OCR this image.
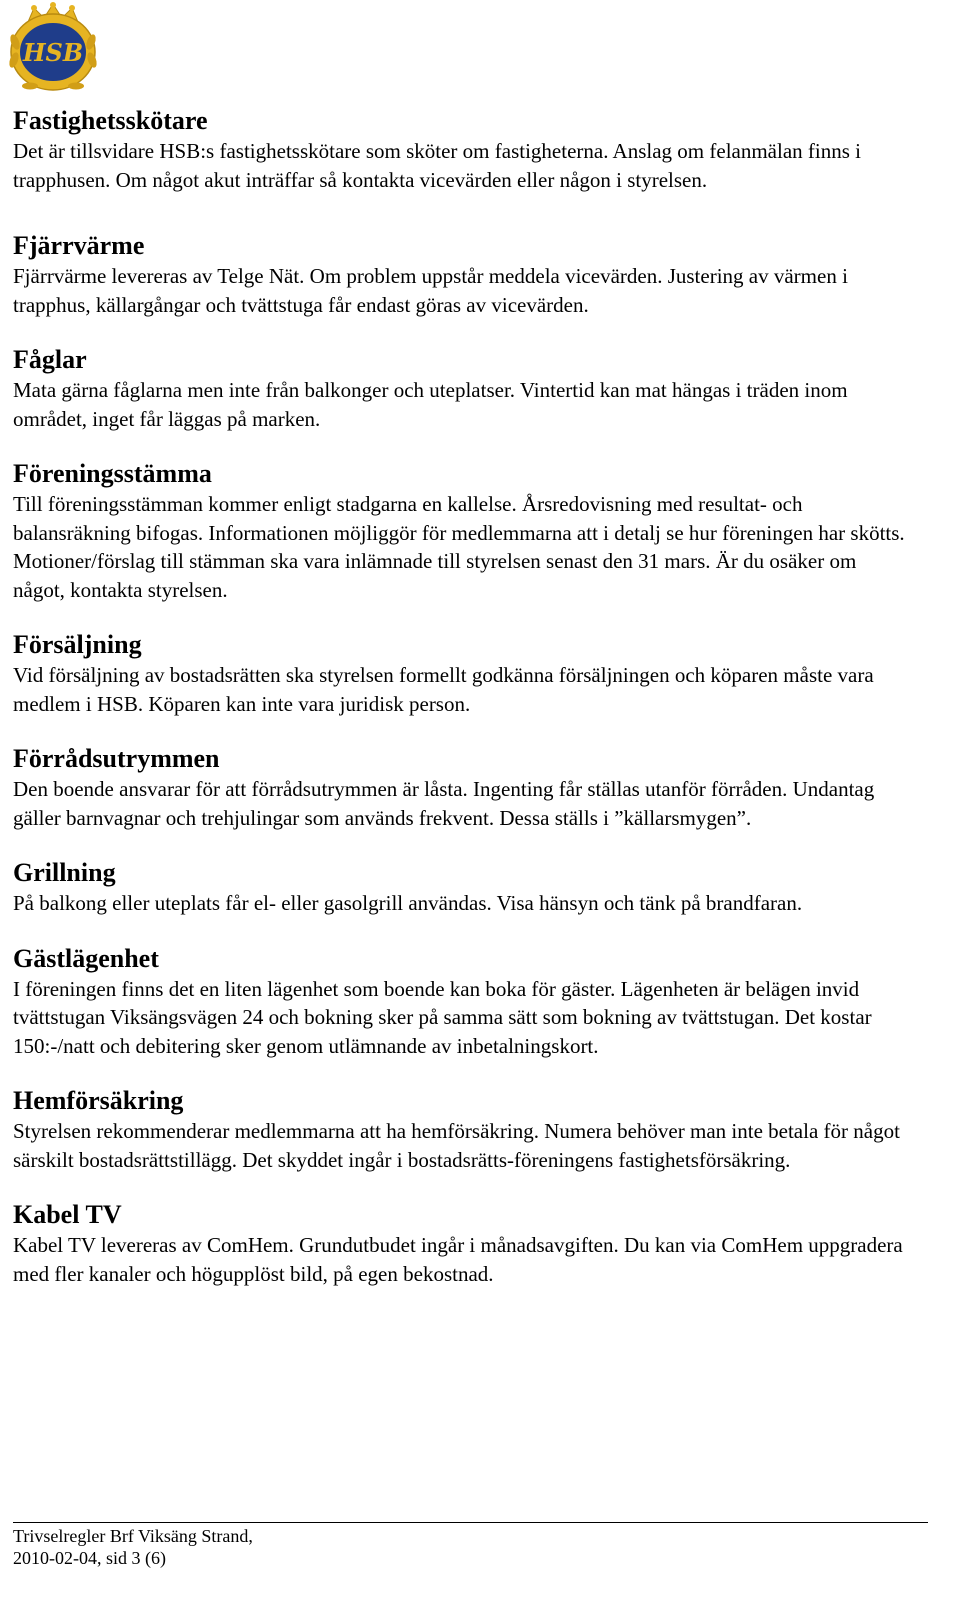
HSB
Fastighetsskötare
Det är tillsvidare HSB:s fastighetsskötare som sköter om fastigheterna. Anslag om felanmälan finns i trapphusen. Om något akut inträffar så kontakta vicevärden eller någon i styrelsen.
Fjärrvärme
Fjärrvärme levereras av Telge Nät. Om problem uppstår meddela vicevärden. Justering av värmen i trapphus, källargångar och tvättstuga får endast göras av vicevärden.
Fåglar
Mata gärna fåglarna men inte från balkonger och uteplatser. Vintertid kan mat hängas i träden inom området, inget får läggas på marken.
Föreningsstämma
Till föreningsstämman kommer enligt stadgarna en kallelse. Årsredovisning med resultat- och balansräkning bifogas. Informationen möjliggör för medlemmarna att i detalj se hur föreningen har skötts. Motioner/förslag till stämman ska vara inlämnade till styrelsen senast den 31 mars. Är du osäker om något, kontakta styrelsen.
Försäljning
Vid försäljning av bostadsrätten ska styrelsen formellt godkänna försäljningen och köparen måste vara medlem i HSB. Köparen kan inte vara juridisk person.
Förrådsutrymmen
Den boende ansvarar för att förrådsutrymmen är låsta. Ingenting får ställas utanför förråden. Undantag gäller barnvagnar och trehjulingar som används frekvent. Dessa ställs i ”källarsmygen”.
Grillning
På balkong eller uteplats får el- eller gasolgrill användas. Visa hänsyn och tänk på brandfaran.
Gästlägenhet
I föreningen finns det en liten lägenhet som boende kan boka för gäster. Lägenheten är belägen invid tvättstugan Viksängsvägen 24 och bokning sker på samma sätt som bokning av tvättstugan. Det kostar 150:-/natt och debitering sker genom utlämnande av inbetalningskort.
Hemförsäkring
Styrelsen rekommenderar medlemmarna att ha hemförsäkring. Numera behöver man inte betala för något särskilt bostadsrättstillägg. Det skyddet ingår i bostadsrätts-föreningens fastighetsförsäkring.
Kabel TV
Kabel TV levereras av ComHem. Grundutbudet ingår i månadsavgiften. Du kan via ComHem uppgradera med fler kanaler och högupplöst bild, på egen bekostnad.
Trivselregler Brf Viksäng Strand,
2010-02-04, sid 3 (6)
